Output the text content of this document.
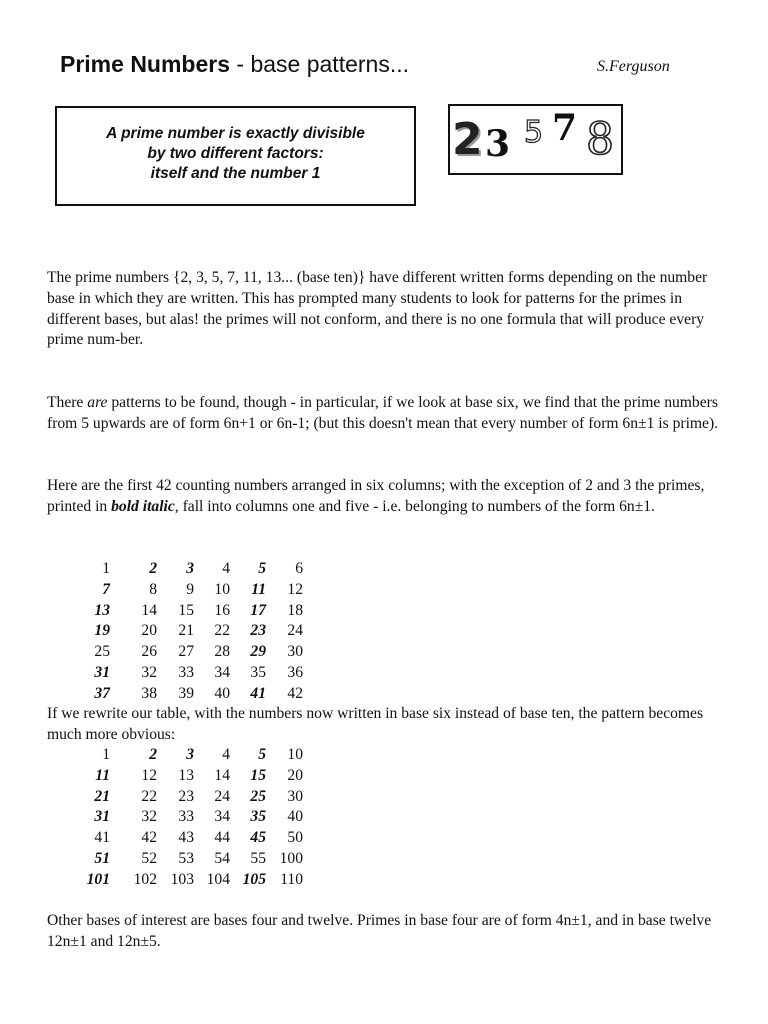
Prime Numbers - base patterns...	S.Ferguson
A prime number is exactly divisible
by two different factors:
itself and the number 1
2 3 5 7 8
The prime numbers {2, 3, 5, 7, 11, 13... (base ten)} have different written forms depending on the number base in which they are written. This has prompted many students to look for patterns for the primes in different bases, but alas! the primes will not conform, and there is no one formula that will produce every prime num-ber.
There are patterns to be found, though - in particular, if we look at base six, we find that the prime numbers from 5 upwards are of form 6n+1 or 6n-1; (but this doesn't mean that every number of form 6n±1 is prime).
Here are the first 42 counting numbers arranged in six columns; with the exception of 2 and 3 the primes, printed in bold italic, fall into columns one and five - i.e. belonging to numbers of the form 6n±1.
1	2	3	4	5	6
7	8	9	10	11	12
13	14	15	16	17	18
19	20	21	22	23	24
25	26	27	28	29	30
31	32	33	34	35	36
37	38	39	40	41	42
If we rewrite our table, with the numbers now written in base six instead of base ten, the pattern becomes much more obvious:
1	2	3	4	5	10
11	12	13	14	15	20
21	22	23	24	25	30
31	32	33	34	35	40
41	42	43	44	45	50
51	52	53	54	55	100
101	102	103	104	105	110
Other bases of interest are bases four and twelve. Primes in base four are of form 4n±1, and in base twelve 12n±1 and 12n±5.
